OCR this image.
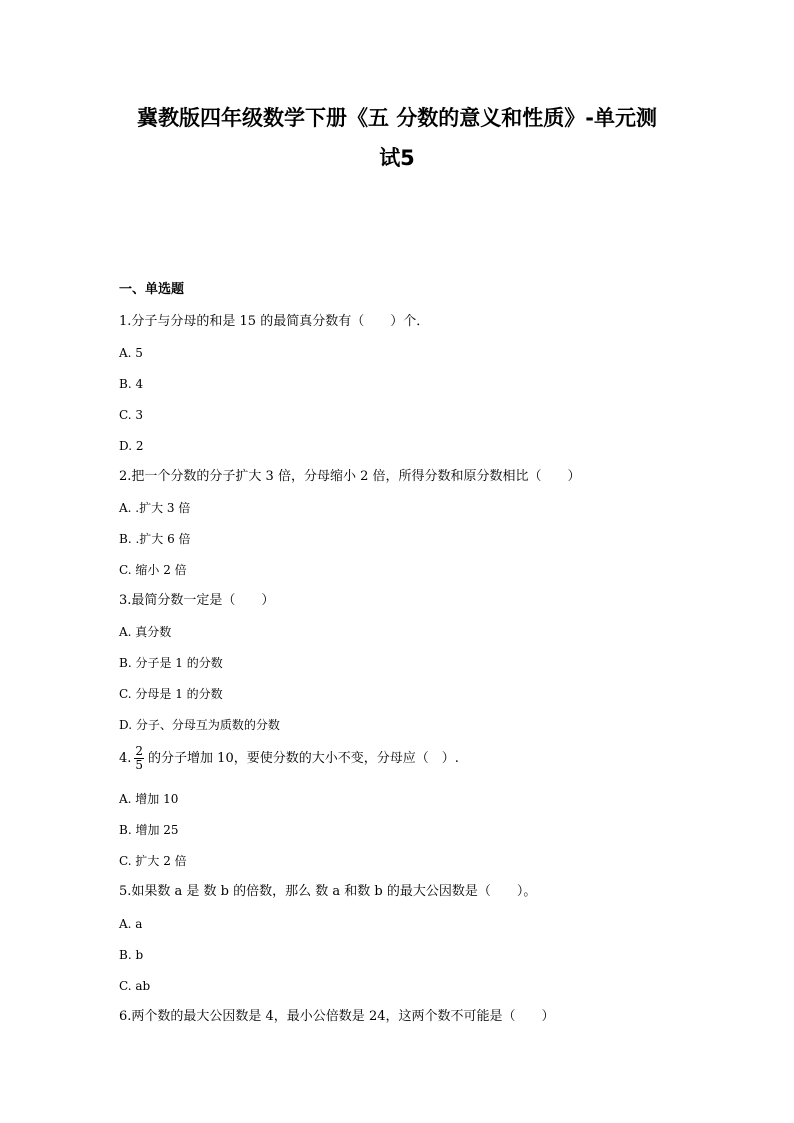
冀教版四年级数学下册《五 分数的意义和性质》-单元测
试5
一、单选题
1.分子与分母的和是 15 的最简真分数有（　　）个．
A. 5
B. 4
C. 3
D. 2
2.把一个分数的分子扩大 3 倍，分母缩小 2 倍，所得分数和原分数相比（　　）
A. .扩大 3 倍
B. .扩大 6 倍
C. 缩小 2 倍
3.最简分数一定是（　　）
A. 真分数
B. 分子是 1 的分数
C. 分母是 1 的分数
D. 分子、分母互为质数的分数
4. $\frac{2}{5}$ 的分子增加 10，要使分数的大小不变，分母应（　）.
A. 增加 10
B. 增加 25
C. 扩大 2 倍
5.如果数 a 是 数 b 的倍数，那么 数 a 和数 b 的最大公因数是（　　）。
A. a
B. b
C. ab
6.两个数的最大公因数是 4，最小公倍数是 24，这两个数不可能是（　　）
